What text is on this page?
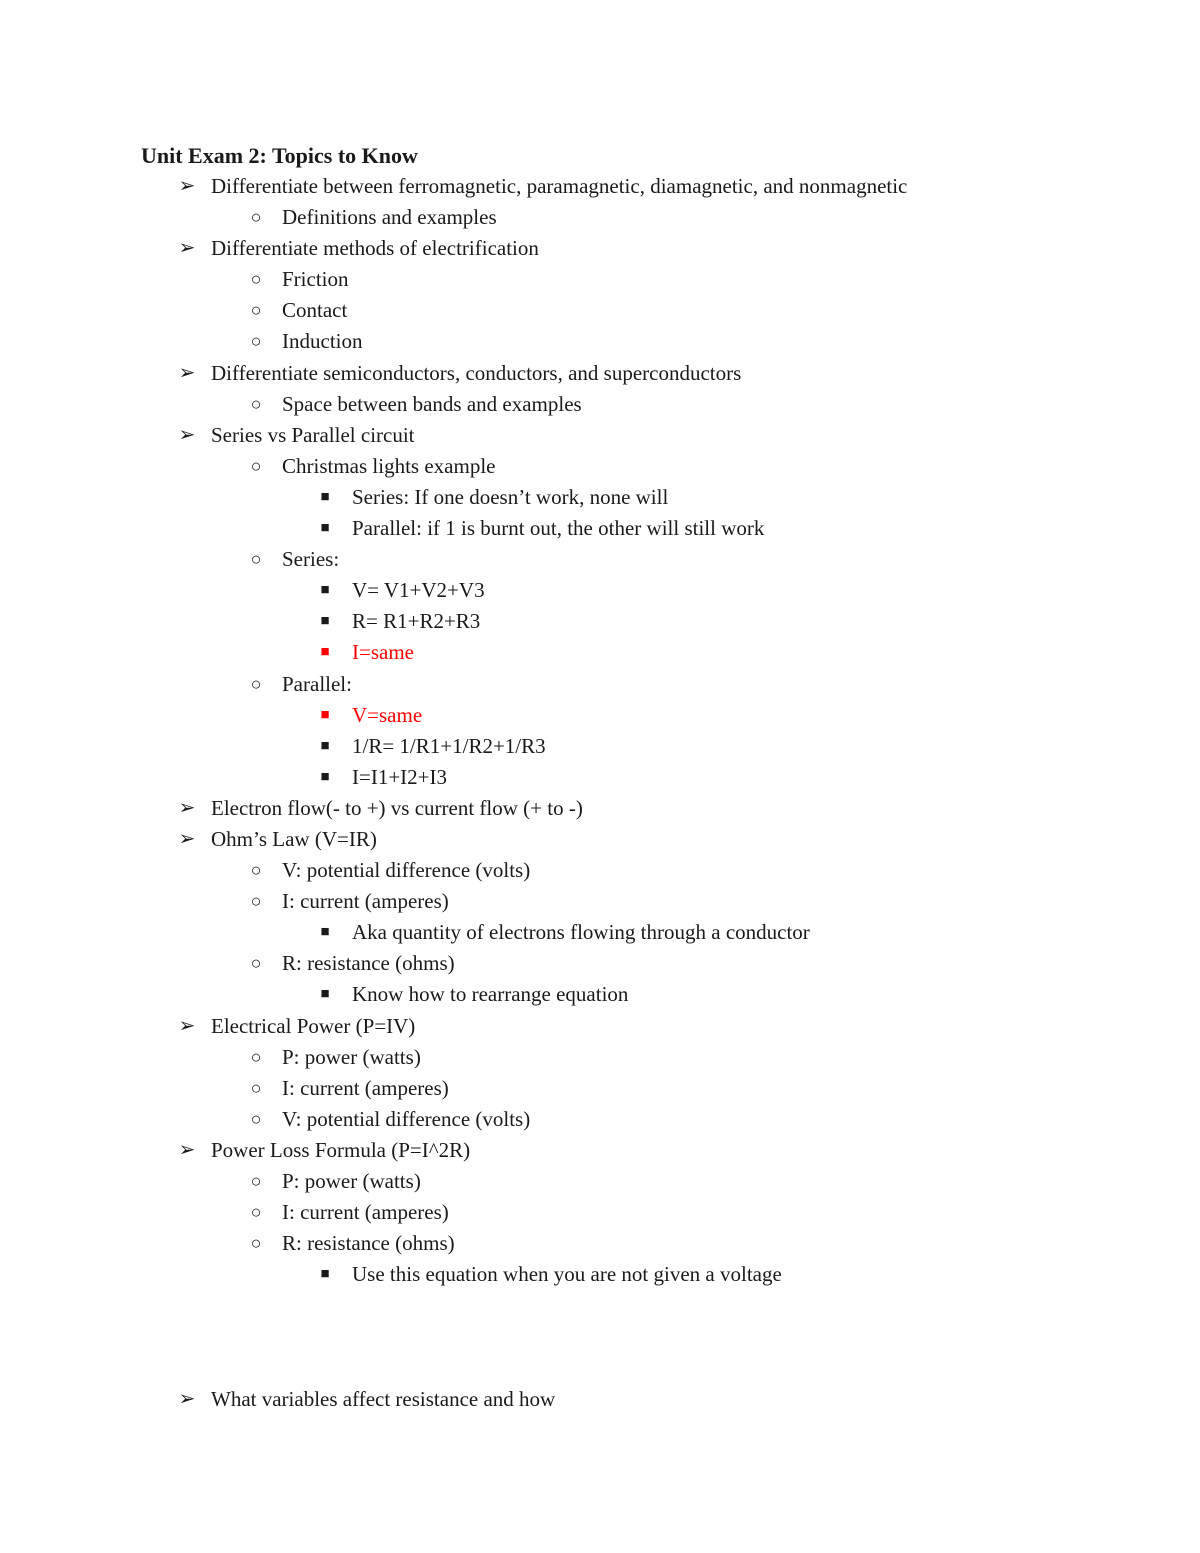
Unit Exam 2: Topics to Know
➢ Differentiate between ferromagnetic, paramagnetic, diamagnetic, and nonmagnetic
○ Definitions and examples
➢ Differentiate methods of electrification
○ Friction
○ Contact
○ Induction
➢ Differentiate semiconductors, conductors, and superconductors
○ Space between bands and examples
➢ Series vs Parallel circuit
○ Christmas lights example
■ Series: If one doesn’t work, none will
■ Parallel: if 1 is burnt out, the other will still work
○ Series:
■ V= V1+V2+V3
■ R= R1+R2+R3
■ I=same
○ Parallel:
■ V=same
■ 1/R= 1/R1+1/R2+1/R3
■ I=I1+I2+I3
➢ Electron flow(- to +) vs current flow (+ to -)
➢ Ohm’s Law (V=IR)
○ V: potential difference (volts)
○ I: current (amperes)
■ Aka quantity of electrons flowing through a conductor
○ R: resistance (ohms)
■ Know how to rearrange equation
➢ Electrical Power (P=IV)
○ P: power (watts)
○ I: current (amperes)
○ V: potential difference (volts)
➢ Power Loss Formula (P=I^2R)
○ P: power (watts)
○ I: current (amperes)
○ R: resistance (ohms)
■ Use this equation when you are not given a voltage
➢ What variables affect resistance and how
